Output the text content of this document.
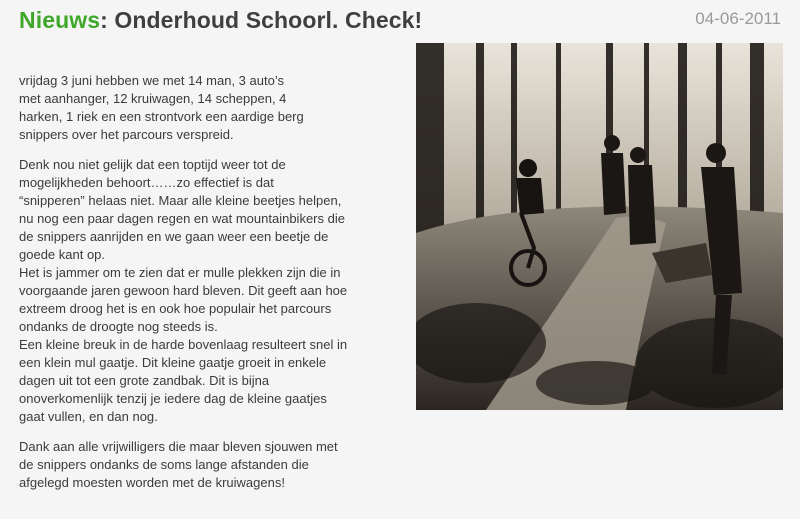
Nieuws: Onderhoud Schoorl. Check!	04-06-2011

vrijdag 3 juni hebben we met 14 man, 3 auto’s
met aanhanger, 12 kruiwagen, 14 scheppen, 4
harken, 1 riek en een strontvork een aardige berg
snippers over het parcours verspreid.

Denk nou niet gelijk dat een toptijd weer tot de
mogelijkheden behoort……zo effectief is dat
“snipperen” helaas niet. Maar alle kleine beetjes helpen,
nu nog een paar dagen regen en wat mountainbikers die
de snippers aanrijden en we gaan weer een beetje de
goede kant op.
Het is jammer om te zien dat er mulle plekken zijn die in
voorgaande jaren gewoon hard bleven. Dit geeft aan hoe
extreem droog het is en ook hoe populair het parcours
ondanks de droogte nog steeds is.
Een kleine breuk in de harde bovenlaag resulteert snel in
een klein mul gaatje. Dit kleine gaatje groeit in enkele
dagen uit tot een grote zandbak. Dit is bijna
onoverkomenlijk tenzij je iedere dag de kleine gaatjes
gaat vullen, en dan nog.

Dank aan alle vrijwilligers die maar bleven sjouwen met
de snippers ondanks de soms lange afstanden die
afgelegd moesten worden met de kruiwagens!
